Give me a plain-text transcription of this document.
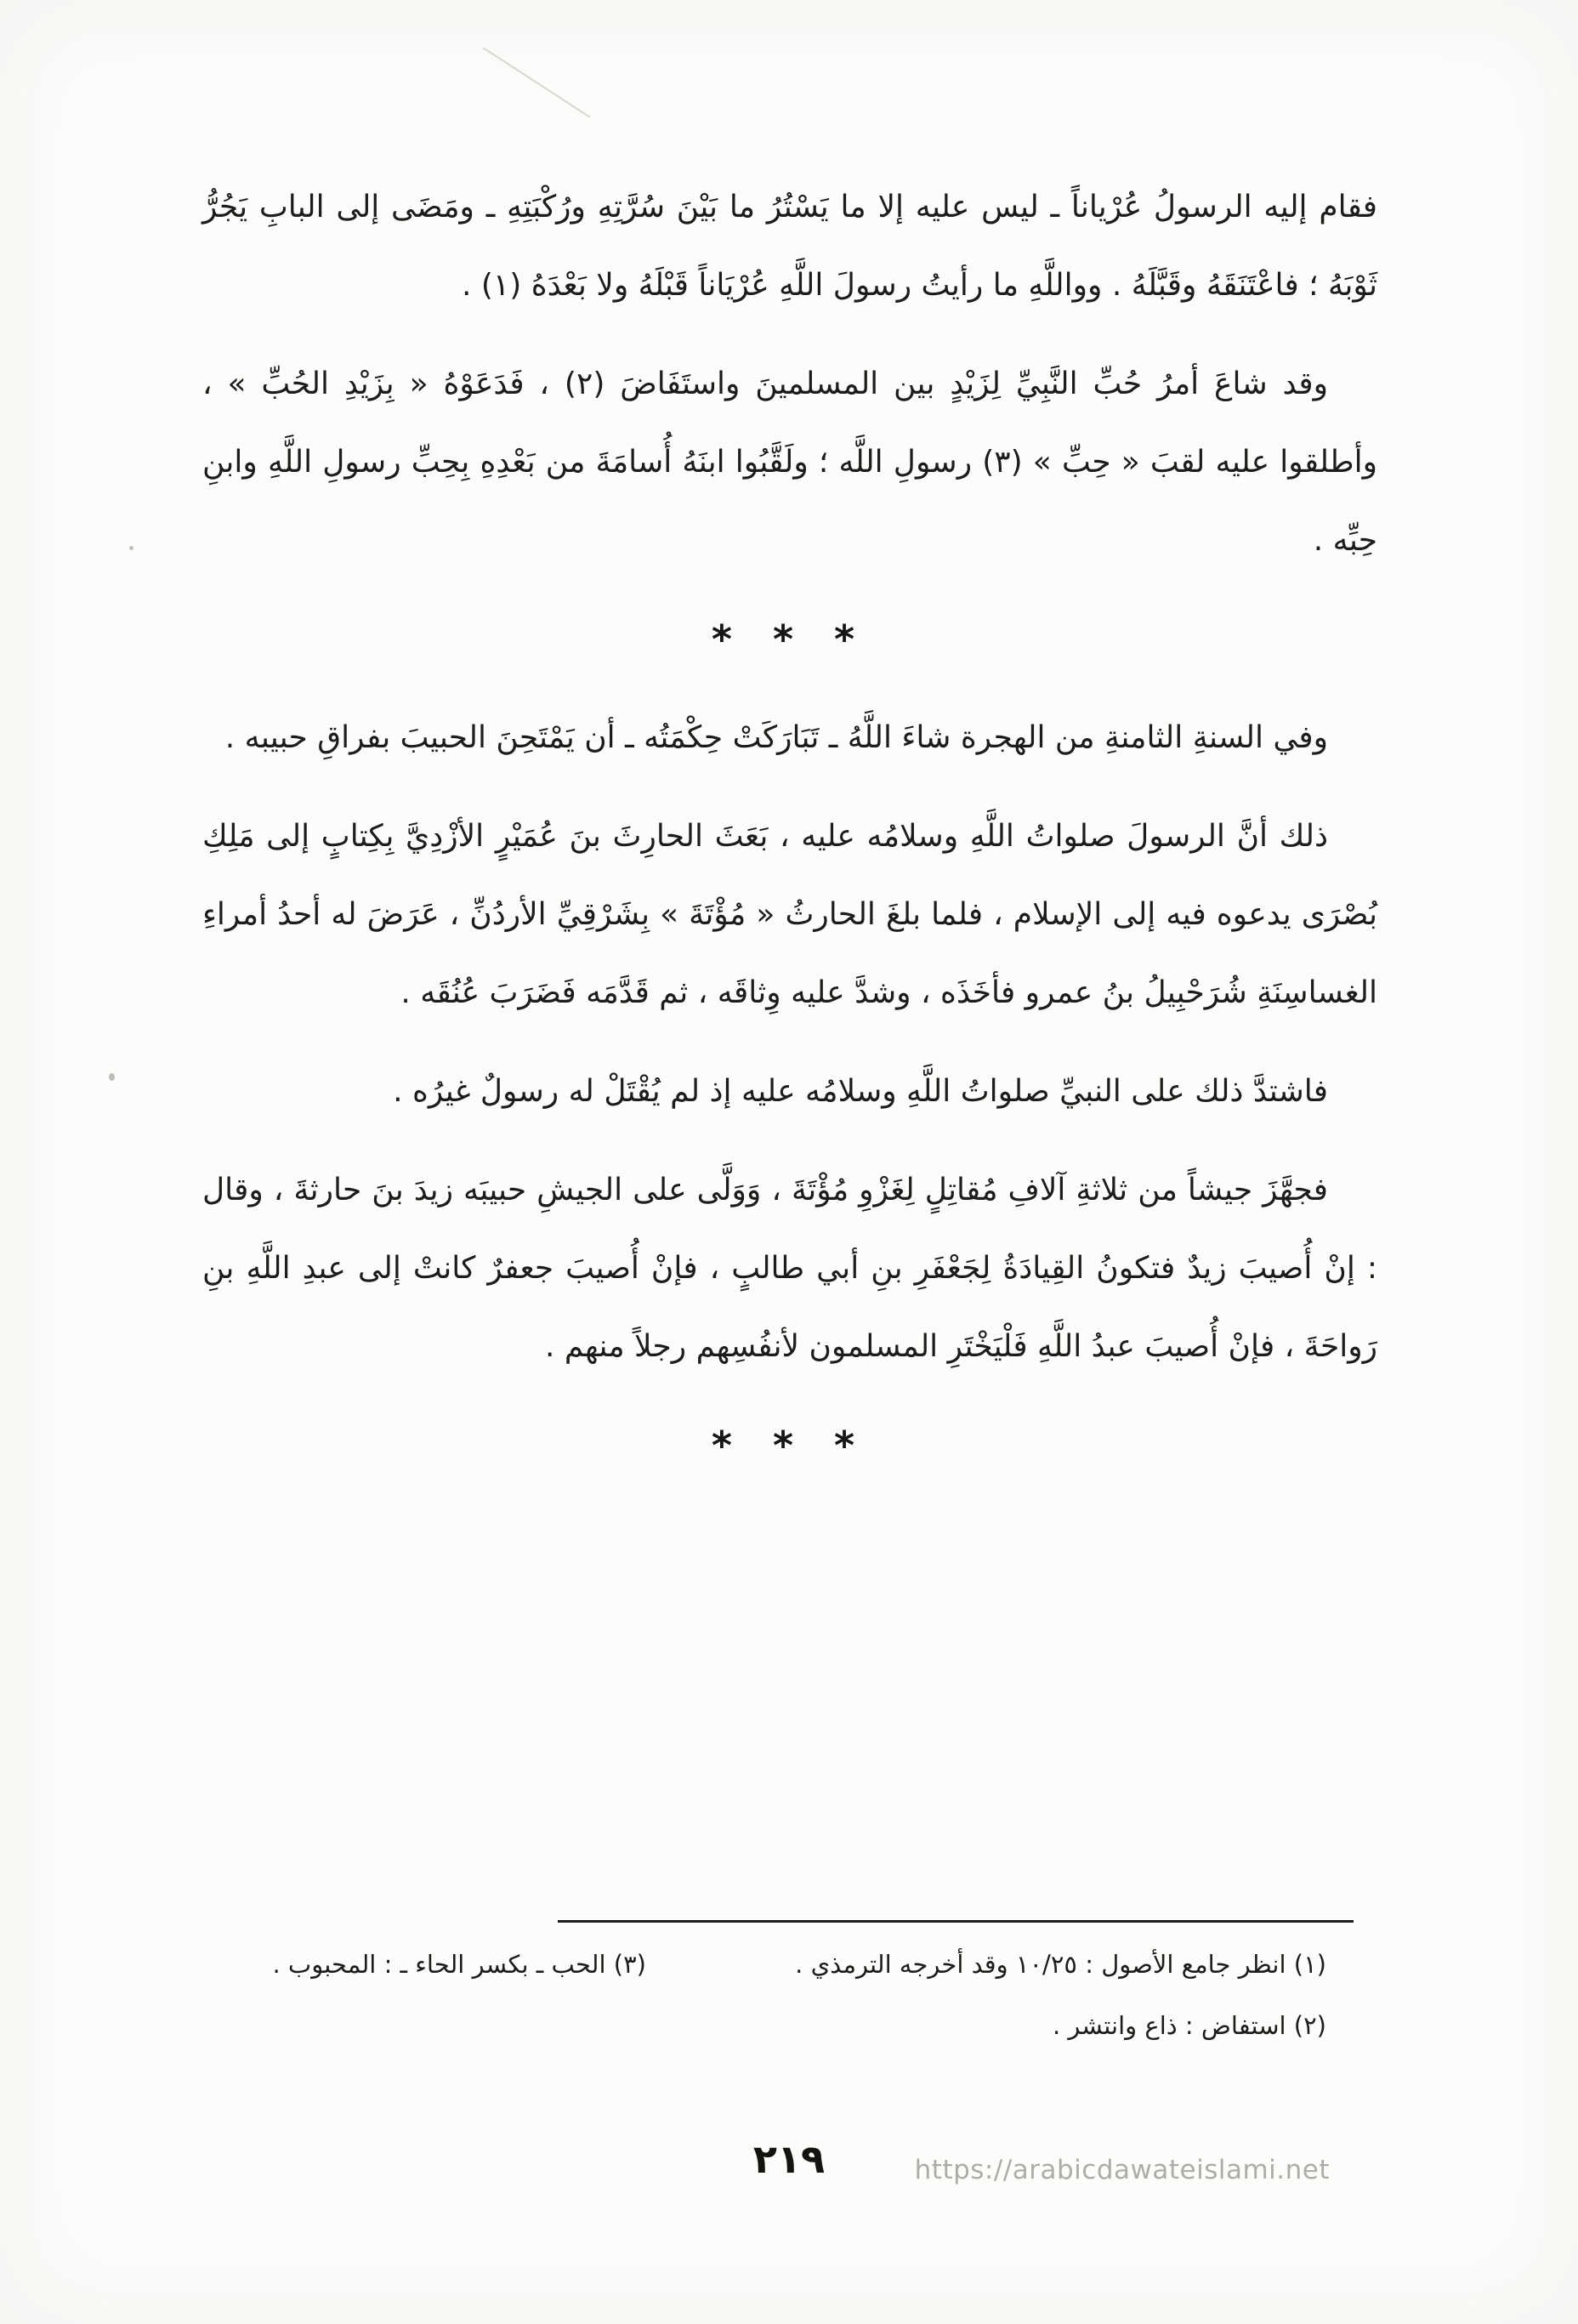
فقام إليه الرسولُ عُرْياناً ـ ليس عليه إلا ما يَسْتُرُ ما بَيْنَ سُرَّتِهِ ورُكْبَتِهِ ـ ومَضَى إلى البابِ يَجُرُّ ثَوْبَهُ ؛ فاعْتَنَقَهُ وقَبَّلَهُ . وواللَّهِ ما رأيتُ رسولَ اللَّهِ عُرْيَاناً قَبْلَهُ ولا بَعْدَهُ (١) .

وقد شاعَ أمرُ حُبِّ النَّبِيِّ لِزَيْدٍ بين المسلمينَ واستَفَاضَ (٢) ، فَدَعَوْهُ « بِزَيْدِ الحُبِّ » ، وأطلقوا عليه لقبَ « حِبِّ » (٣) رسولِ اللَّه ؛ ولَقَّبُوا ابنَهُ أُسامَةَ من بَعْدِهِ بِحِبِّ رسولِ اللَّهِ وابنِ حِبِّه .

* * *

وفي السنةِ الثامنةِ من الهجرة شاءَ اللَّهُ ـ تَبَارَكَتْ حِكْمَتُه ـ أن يَمْتَحِنَ الحبيبَ بفراقِ حبيبه .

ذلك أنَّ الرسولَ صلواتُ اللَّهِ وسلامُه عليه ، بَعَثَ الحارِثَ بنَ عُمَيْرٍ الأزْدِيَّ بِكِتابٍ إلى مَلِكِ بُصْرَى يدعوه فيه إلى الإسلام ، فلما بلغَ الحارثُ « مُؤْتَةَ » بِشَرْقِيِّ الأردُنِّ ، عَرَضَ له أحدُ أمراءِ الغساسِنَةِ شُرَحْبِيلُ بنُ عمرو فأخَذَه ، وشدَّ عليه وِثاقَه ، ثم قَدَّمَه فَضَرَبَ عُنُقَه .

فاشتدَّ ذلك على النبيِّ صلواتُ اللَّهِ وسلامُه عليه إذ لم يُقْتَلْ له رسولٌ غيرُه .

فجهَّزَ جيشاً من ثلاثةِ آلافِ مُقاتِلٍ لِغَزْوِ مُؤْتَةَ ، وَوَلَّى على الجيشِ حبيبَه زيدَ بنَ حارثةَ ، وقال : إنْ أُصيبَ زيدٌ فتكونُ القِيادَةُ لِجَعْفَرِ بنِ أبي طالبٍ ، فإنْ أُصيبَ جعفرٌ كانتْ إلى عبدِ اللَّهِ بنِ رَواحَةَ ، فإنْ أُصيبَ عبدُ اللَّهِ فَلْيَخْتَرِ المسلمون لأنفُسِهم رجلاً منهم .

* * *

(١) انظر جامع الأصول : ١٠/٢٥ وقد أخرجه الترمذي .

(٢) استفاض : ذاع وانتشر .

(٣) الحب ـ بكسر الحاء ـ : المحبوب .

٢١٩	https://arabicdawateislami.net
